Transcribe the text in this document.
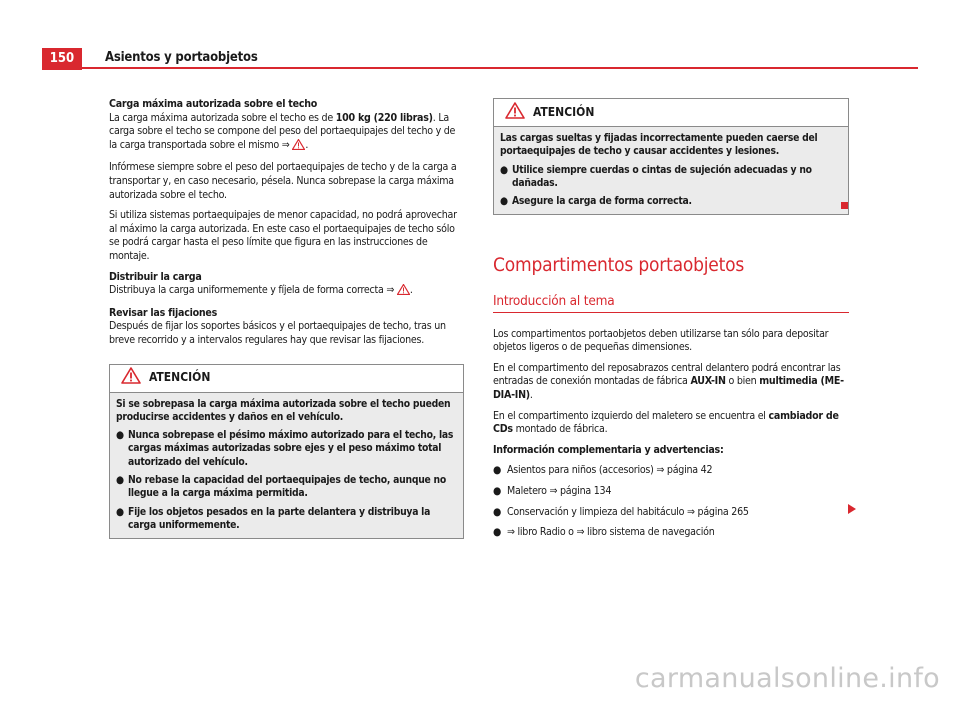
150	Asientos y portaobjetos

Carga máxima autorizada sobre el techo

La carga máxima autorizada sobre el techo es de 100 kg (220 libras). La carga sobre el techo se compone del peso del portaequipajes del techo y de la carga transportada sobre el mismo ⇒ .

Infórmese siempre sobre el peso del portaequipajes de techo y de la carga a transportar y, en caso necesario, pésela. Nunca sobrepase la carga máxima autorizada sobre el techo.

Si utiliza sistemas portaequipajes de menor capacidad, no podrá aprovechar al máximo la carga autorizada. En este caso el portaequipajes de techo sólo se podrá cargar hasta el peso límite que figura en las instrucciones de montaje.

Distribuir la carga

Distribuya la carga uniformemente y fíjela de forma correcta ⇒ .

Revisar las fijaciones

Después de fijar los soportes básicos y el portaequipajes de techo, tras un breve recorrido y a intervalos regulares hay que revisar las fijaciones.

ATENCIÓN

Si se sobrepasa la carga máxima autorizada sobre el techo pueden producirse accidentes y daños en el vehículo.

● Nunca sobrepase el pésimo máximo autorizado para el techo, las cargas máximas autorizadas sobre ejes y el peso máximo total autorizado del vehículo.
● No rebase la capacidad del portaequipajes de techo, aunque no llegue a la carga máxima permitida.
● Fije los objetos pesados en la parte delantera y distribuya la carga uniformemente.
ATENCIÓN

Las cargas sueltas y fijadas incorrectamente pueden caerse del portaequipajes de techo y causar accidentes y lesiones.

● Utilice siempre cuerdas o cintas de sujeción adecuadas y no dañadas.
● Asegure la carga de forma correcta.
Compartimentos portaobjetos
Introducción al tema

Los compartimentos portaobjetos deben utilizarse tan sólo para depositar objetos ligeros o de pequeñas dimensiones.

En el compartimento del reposabrazos central delantero podrá encontrar las entradas de conexión montadas de fábrica AUX-IN o bien multimedia (ME-DIA-IN).

En el compartimento izquierdo del maletero se encuentra el cambiador de CDs montado de fábrica.

Información complementaria y advertencias:

● Asientos para niños (accesorios) ⇒ página 42
● Maletero ⇒ página 134
● Conservación y limpieza del habitáculo ⇒ página 265
● ⇒ libro Radio o ⇒ libro sistema de navegación
carmanualsonline.info
